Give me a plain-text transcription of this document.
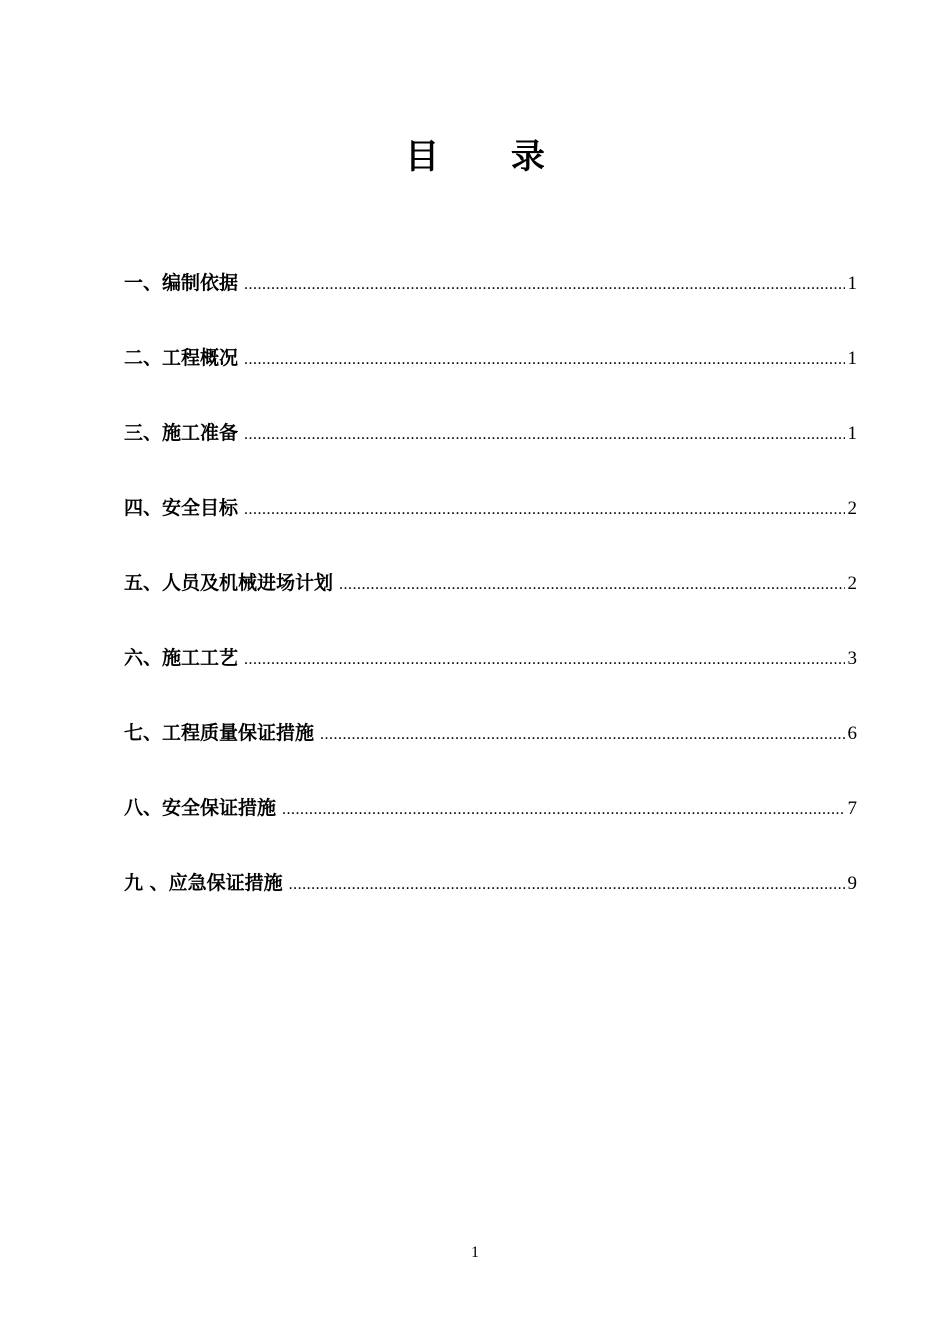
目 录
一、编制依据 .....	1
二、工程概况 .....	1
三、施工准备 .....	1
四、安全目标 .....	2
五、人员及机械进场计划 .....	2
六、施工工艺 .....	3
七、工程质量保证措施 .....	6
八、安全保证措施 .....	7
九 、应急保证措施 .....	9
1
